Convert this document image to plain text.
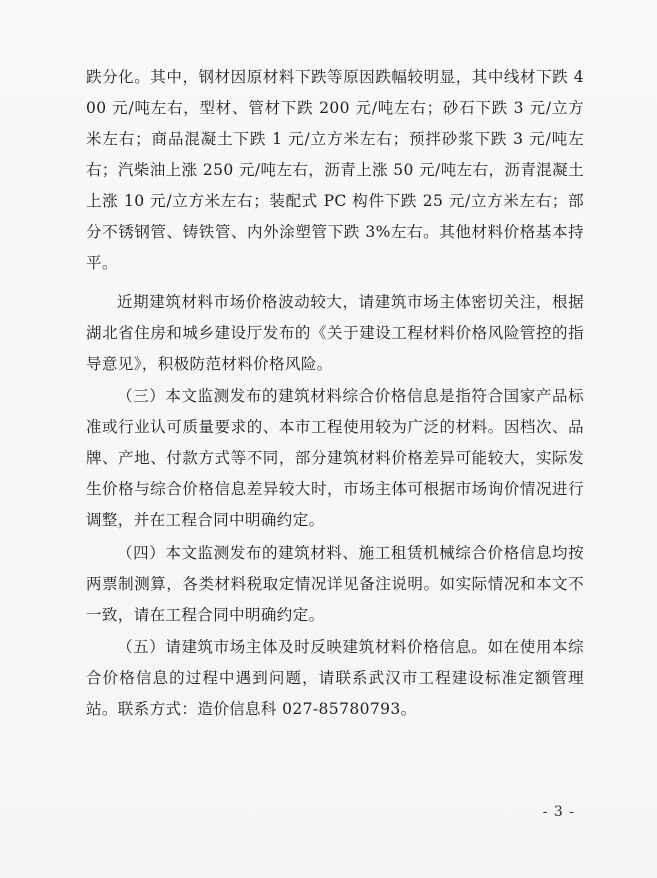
跌分化。其中，钢材因原材料下跌等原因跌幅较明显，其中线材下跌 400 元/吨左右，型材、管材下跌 200 元/吨左右；砂石下跌 3 元/立方米左右；商品混凝土下跌 1 元/立方米左右；预拌砂浆下跌 3 元/吨左右；汽柴油上涨 250 元/吨左右，沥青上涨 50 元/吨左右，沥青混凝土上涨 10 元/立方米左右；装配式 PC 构件下跌 25 元/立方米左右；部分不锈钢管、铸铁管、内外涂塑管下跌 3%左右。其他材料价格基本持平。

近期建筑材料市场价格波动较大，请建筑市场主体密切关注，根据湖北省住房和城乡建设厅发布的《关于建设工程材料价格风险管控的指导意见》，积极防范材料价格风险。

（三）本文监测发布的建筑材料综合价格信息是指符合国家产品标准或行业认可质量要求的、本市工程使用较为广泛的材料。因档次、品牌、产地、付款方式等不同，部分建筑材料价格差异可能较大，实际发生价格与综合价格信息差异较大时，市场主体可根据市场询价情况进行调整，并在工程合同中明确约定。

（四）本文监测发布的建筑材料、施工租赁机械综合价格信息均按两票制测算，各类材料税取定情况详见备注说明。如实际情况和本文不一致，请在工程合同中明确约定。

（五）请建筑市场主体及时反映建筑材料价格信息。如在使用本综合价格信息的过程中遇到问题，请联系武汉市工程建设标准定额管理站。联系方式：造价信息科 027-85780793。

- 3 -
